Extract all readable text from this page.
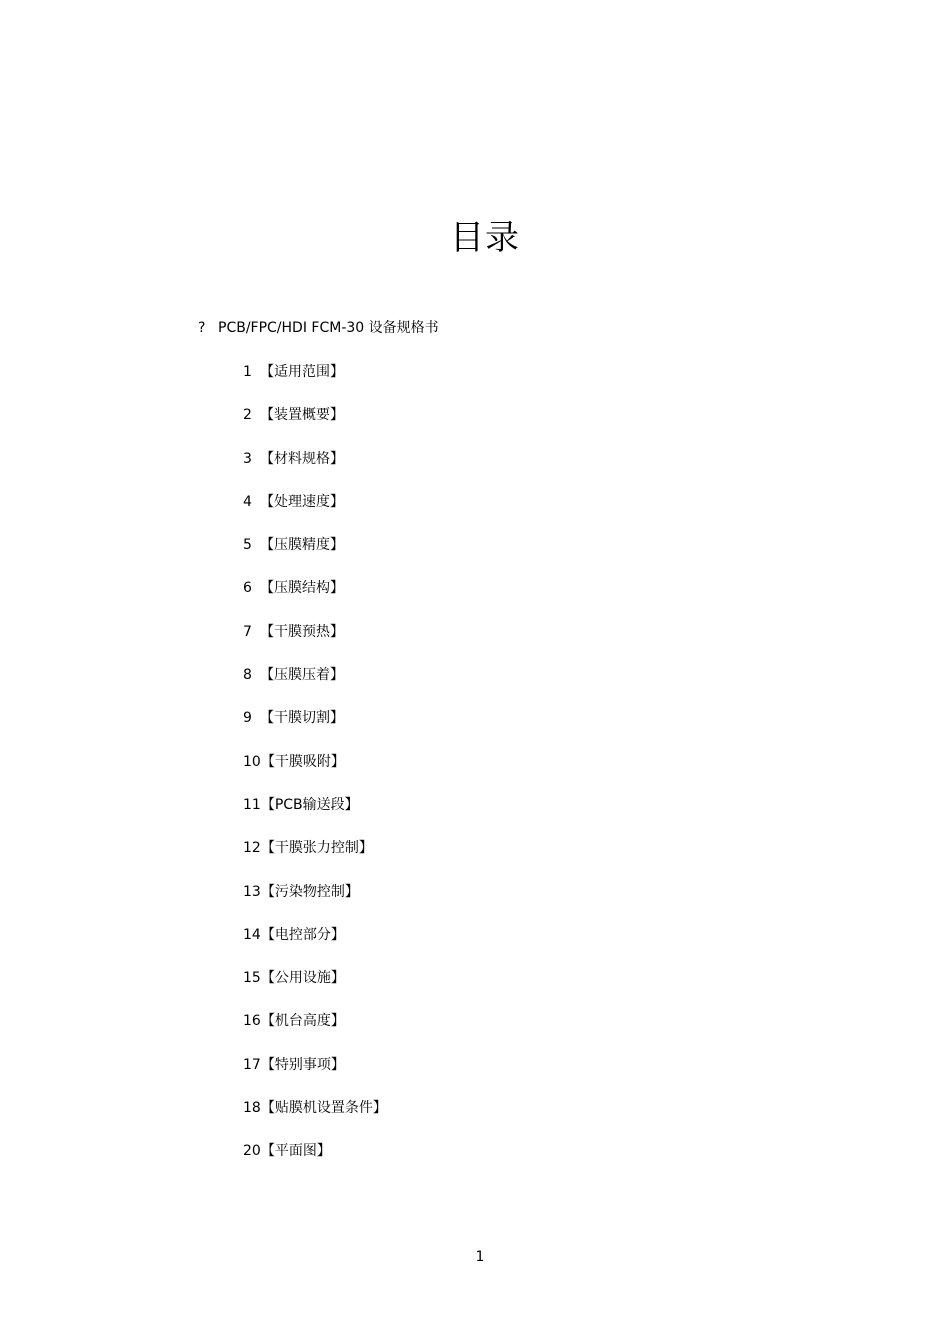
目录
? PCB/FPC/HDI FCM-30 设备规格书
1 【适用范围】
2 【装置概要】
3 【材料规格】
4 【处理速度】
5 【压膜精度】
6 【压膜结构】
7 【干膜预热】
8 【压膜压着】
9 【干膜切割】
10【干膜吸附】
11【PCB输送段】
12【干膜张力控制】
13【污染物控制】
14【电控部分】
15【公用设施】
16【机台高度】
17【特别事项】
18【贴膜机设置条件】
20【平面图】
1
